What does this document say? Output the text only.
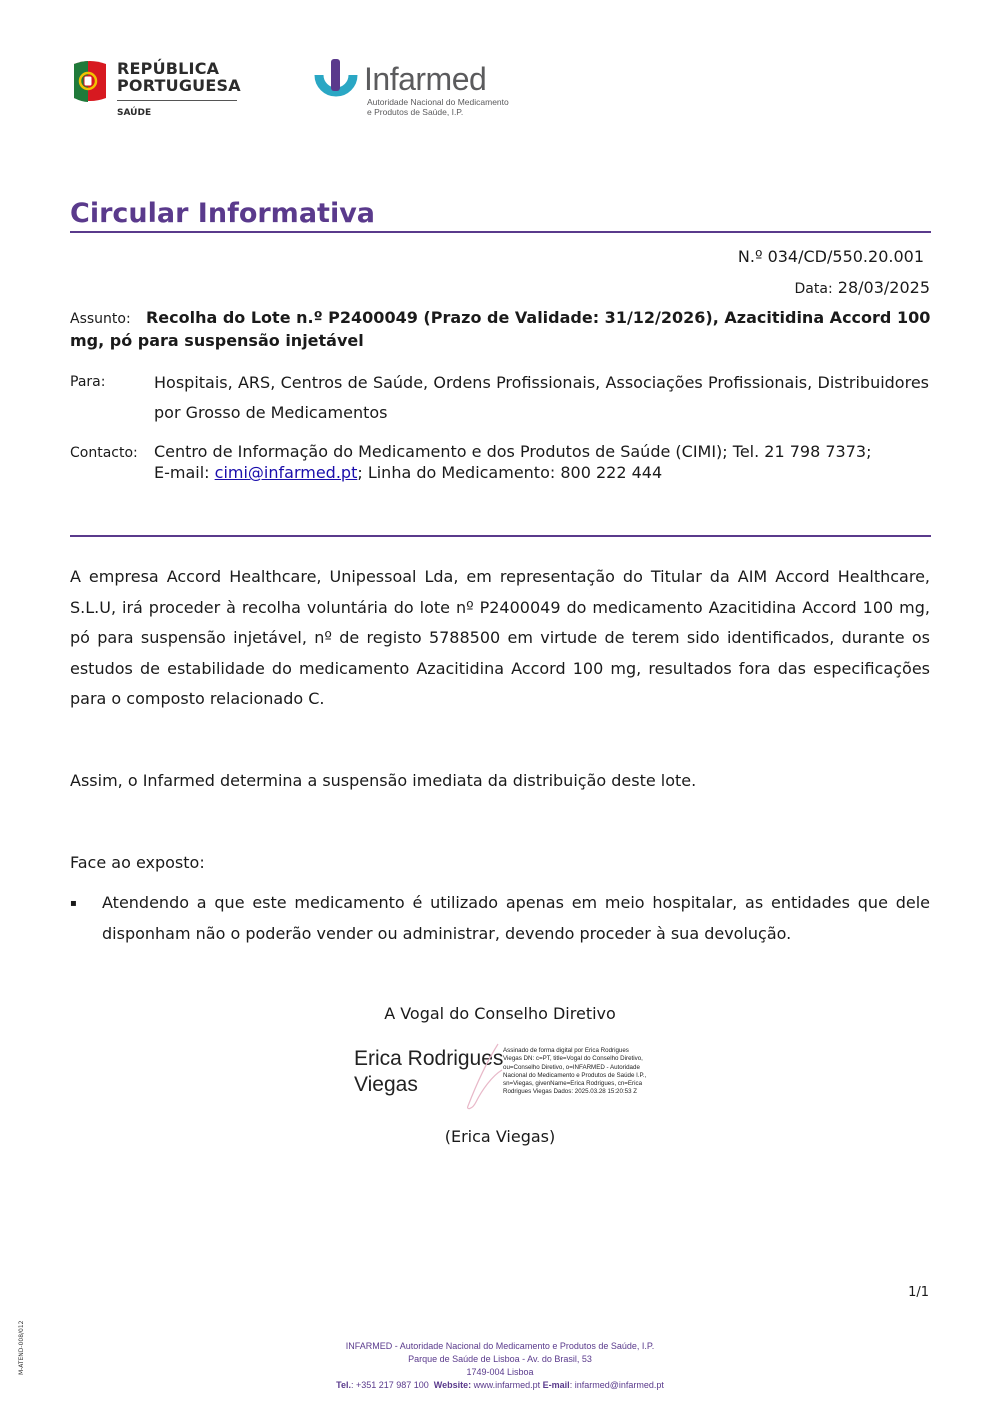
REPÚBLICA
PORTUGUESA
SAÚDE
Infarmed
Autoridade Nacional do Medicamento
e Produtos de Saúde, I.P.
Circular Informativa
N.º 034/CD/550.20.001
Data: 28/03/2025
Assunto: Recolha do Lote n.º P2400049 (Prazo de Validade: 31/12/2026), Azacitidina Accord 100 mg, pó para suspensão injetável
Para:	Hospitais, ARS, Centros de Saúde, Ordens Profissionais, Associações Profissionais, Distribuidores por Grosso de Medicamentos
Contacto: Centro de Informação do Medicamento e dos Produtos de Saúde (CIMI); Tel. 21 798 7373;
E-mail: cimi@infarmed.pt; Linha do Medicamento: 800 222 444
A empresa Accord Healthcare, Unipessoal Lda, em representação do Titular da AIM Accord Healthcare, S.L.U, irá proceder à recolha voluntária do lote nº P2400049 do medicamento Azacitidina Accord 100 mg, pó para suspensão injetável, nº de registo 5788500 em virtude de terem sido identificados, durante os estudos de estabilidade do medicamento Azacitidina Accord 100 mg, resultados fora das especificações para o composto relacionado C.
Assim, o Infarmed determina a suspensão imediata da distribuição deste lote.
Face ao exposto:
▪ Atendendo a que este medicamento é utilizado apenas em meio hospitalar, as entidades que dele disponham não o poderão vender ou administrar, devendo proceder à sua devolução.
A Vogal do Conselho Diretivo
Erica Rodrigues
Viegas
Assinado de forma digital por Erica Rodrigues Viegas DN: c=PT, title=Vogal do Conselho Diretivo, ou=Conselho Diretivo, o=INFARMED - Autoridade Nacional do Medicamento e Produtos de Saúde I.P., sn=Viegas, givenName=Erica Rodrigues, cn=Erica Rodrigues Viegas Dados: 2025.03.28 15:20:53 Z
(Erica Viegas)
1/1
M-ATEND-008/012	INFARMED - Autoridade Nacional do Medicamento e Produtos de Saúde, I.P.
Parque de Saúde de Lisboa - Av. do Brasil, 53
1749-004 Lisboa
Tel.: +351 217 987 100 Website: www.infarmed.pt E-mail: infarmed@infarmed.pt
